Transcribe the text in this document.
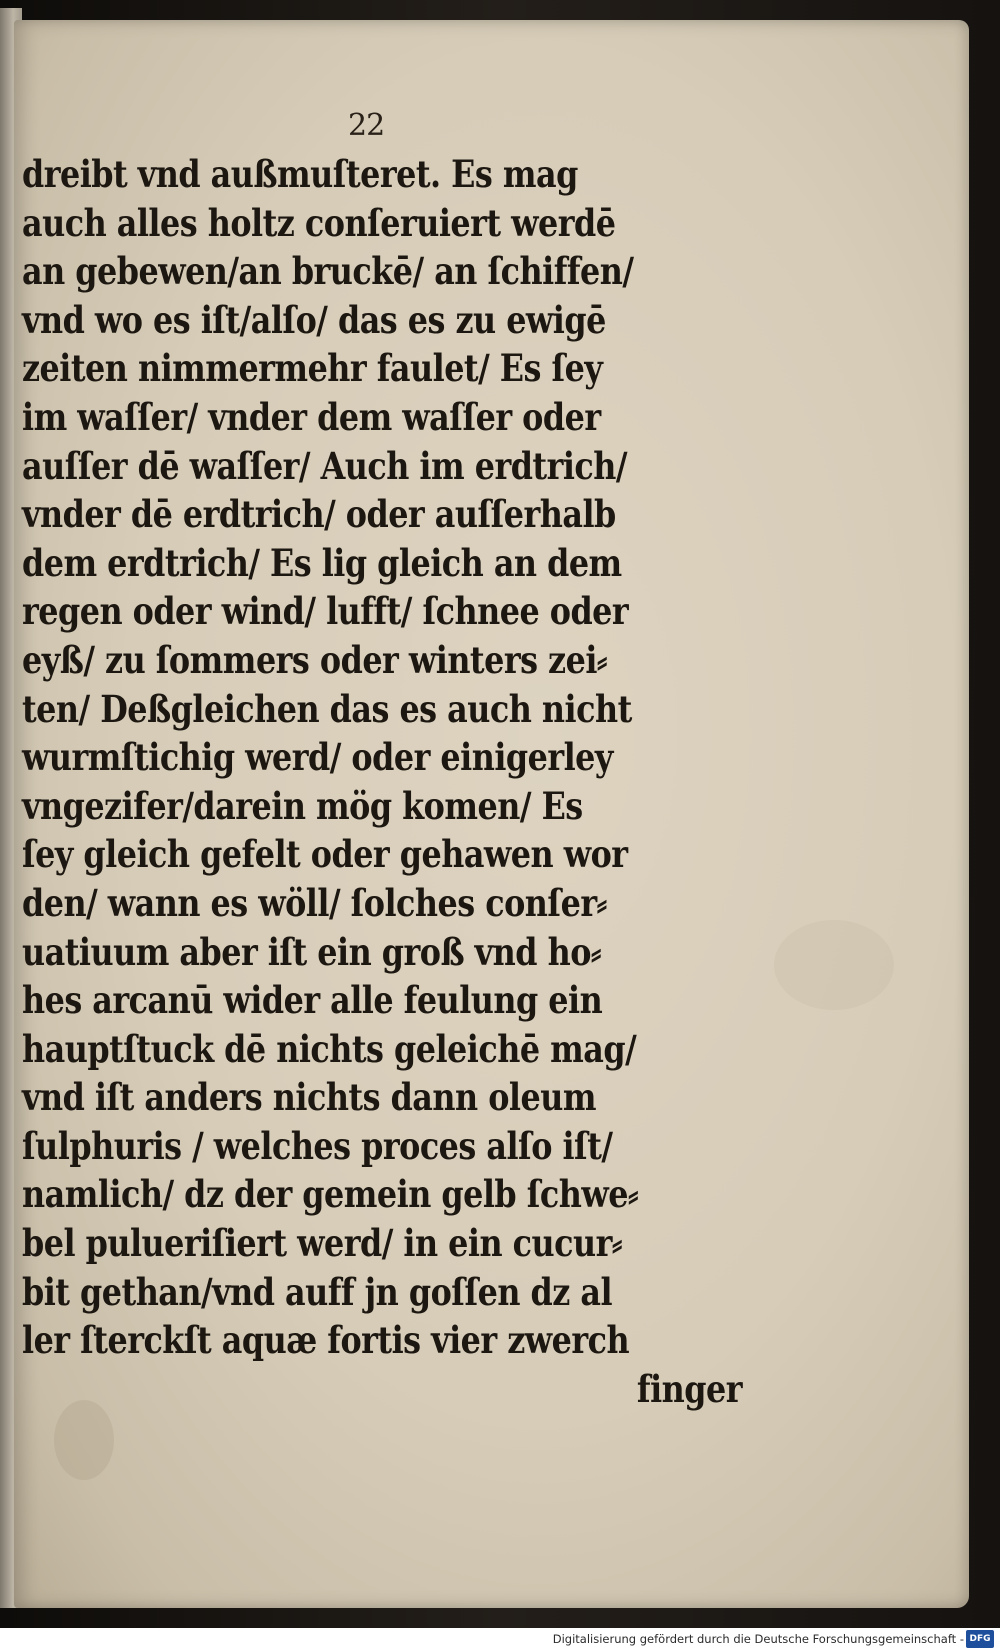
22
dreibt vnd außmuſteret. Es mag
auch alles holtz conſeruiert werdē
an gebewen/an bruckē/ an ſchiffen/
vnd wo es iſt/alſo/ das es zu ewigē
zeiten nimmermehr faulet/ Es ſey
im waſſer/ vnder dem waſſer oder
auſſer dē waſſer/ Auch im erdtrich/
vnder dē erdtrich/ oder auſſerhalb
dem erdtrich/ Es lig gleich an dem
regen oder wind/ lufft/ ſchnee oder
eyß/ zu ſommers oder winters zei⸗
ten/ Deßgleichen das es auch nicht
wurmſtichig werd/ oder einigerley
vngezifer/darein mög komen/ Es
ſey gleich gefelt oder gehawen wor
den/ wann es wöll/ ſolches conſer⸗
uatiuum aber iſt ein groß vnd ho⸗
hes arcanū wider alle feulung ein
hauptſtuck dē nichts geleichē mag/
vnd iſt anders nichts dann oleum
ſulphuris / welches proces alſo iſt/
namlich/ dz der gemein gelb ſchwe⸗
bel pulueriſiert werd/ in ein cucur⸗
bit gethan/vnd auff jn goſſen dz al
ler ſterckſt aquæ fortis vier zwerch
finger
Digitalisierung gefördert durch die Deutsche Forschungsgemeinschaft - DFG
